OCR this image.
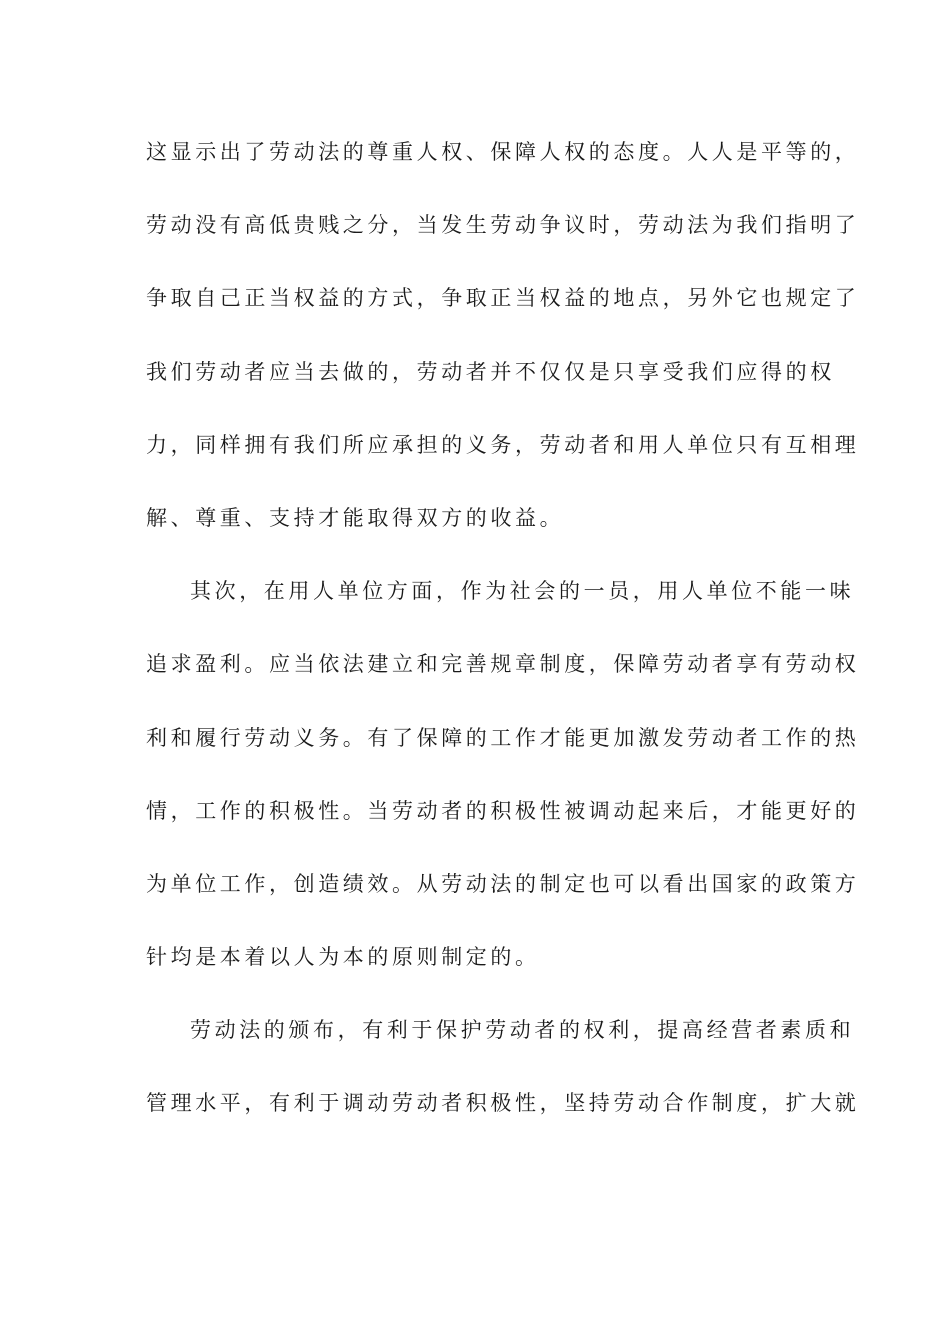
这显示出了劳动法的尊重人权、保障人权的态度。人人是平等的，
劳动没有高低贵贱之分，当发生劳动争议时，劳动法为我们指明了
争取自己正当权益的方式，争取正当权益的地点，另外它也规定了
我们劳动者应当去做的，劳动者并不仅仅是只享受我们应得的权
力，同样拥有我们所应承担的义务，劳动者和用人单位只有互相理
解、尊重、支持才能取得双方的收益。
其次，在用人单位方面，作为社会的一员，用人单位不能一味
追求盈利。应当依法建立和完善规章制度，保障劳动者享有劳动权
利和履行劳动义务。有了保障的工作才能更加激发劳动者工作的热
情，工作的积极性。当劳动者的积极性被调动起来后，才能更好的
为单位工作，创造绩效。从劳动法的制定也可以看出国家的政策方
针均是本着以人为本的原则制定的。
劳动法的颁布，有利于保护劳动者的权利，提高经营者素质和
管理水平，有利于调动劳动者积极性，坚持劳动合作制度，扩大就
